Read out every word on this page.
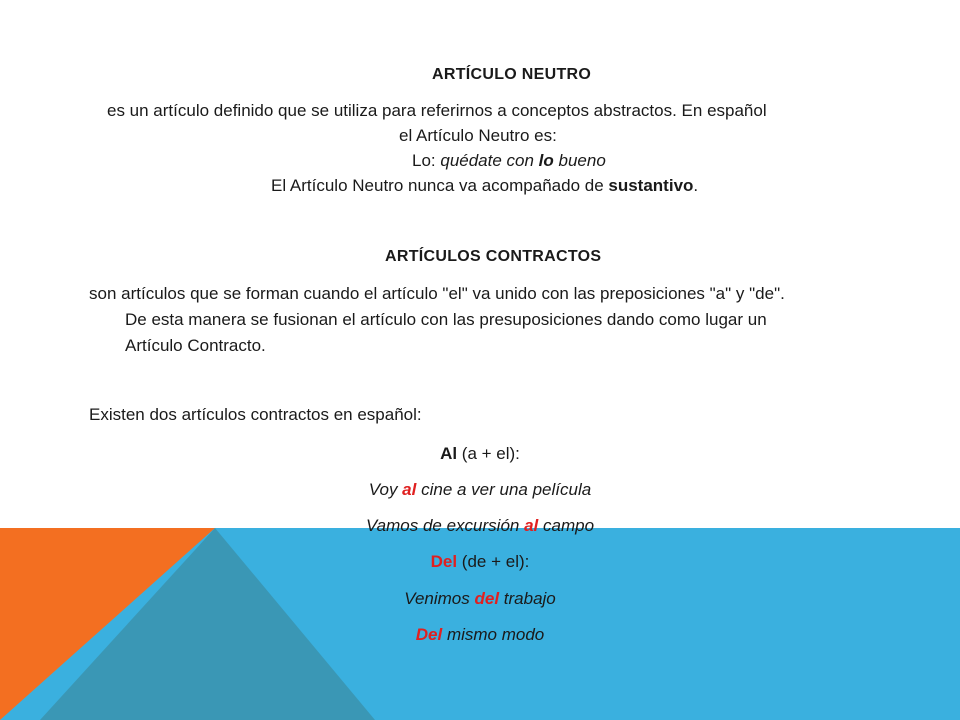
ARTÍCULO NEUTRO
es un artículo definido que se utiliza para referirnos a conceptos abstractos. En español
el Artículo Neutro es:
Lo: quédate con lo bueno
El Artículo Neutro nunca va acompañado de sustantivo.
ARTÍCULOS CONTRACTOS
son artículos que se forman cuando el artículo "el" va unido con las preposiciones "a" y "de".
De esta manera se fusionan el artículo con las presuposiciones dando como lugar un
Artículo Contracto.
Existen dos artículos contractos en español:
Al (a + el):
Voy al cine a ver una película
Vamos de excursión al campo
Del (de + el):
Venimos del trabajo
Del mismo modo
